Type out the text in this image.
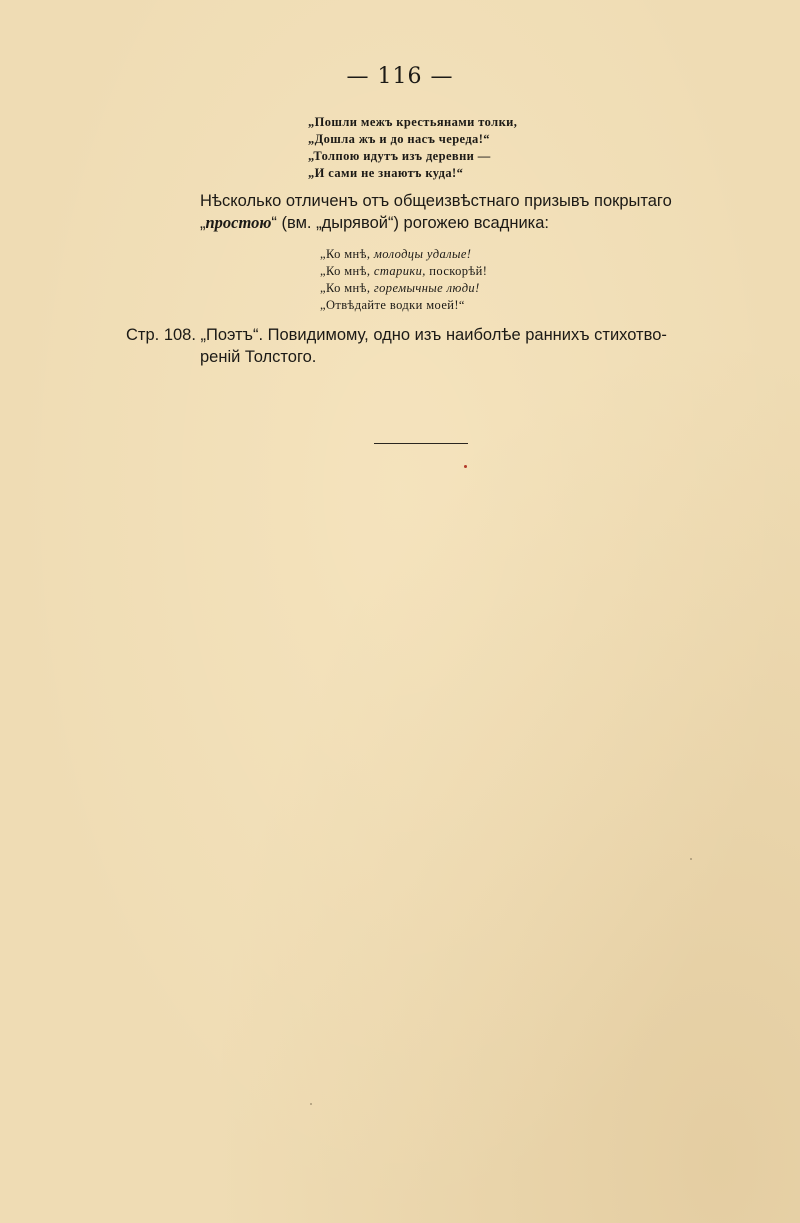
— 116 —
„Пошли межъ крестьянами толки,
„Дошла жъ и до насъ череда!“
„Толпою идутъ изъ деревни —
„И сами не знаютъ куда!“
Нѣсколько отличенъ отъ общеизвѣстнаго призывъ покрытаго
„простою“ (вм. „дырявой“) рогожею всадника:
„Ко мнѣ, молодцы удалые!
„Ко мнѣ, старики, поскорѣй!
„Ко мнѣ, горемычные люди!
„Отвѣдайте водки моей!“
Стр. 108. „Поэтъ“. Повидимому, одно изъ наиболѣе раннихъ стихотво-
реній Толстого.
